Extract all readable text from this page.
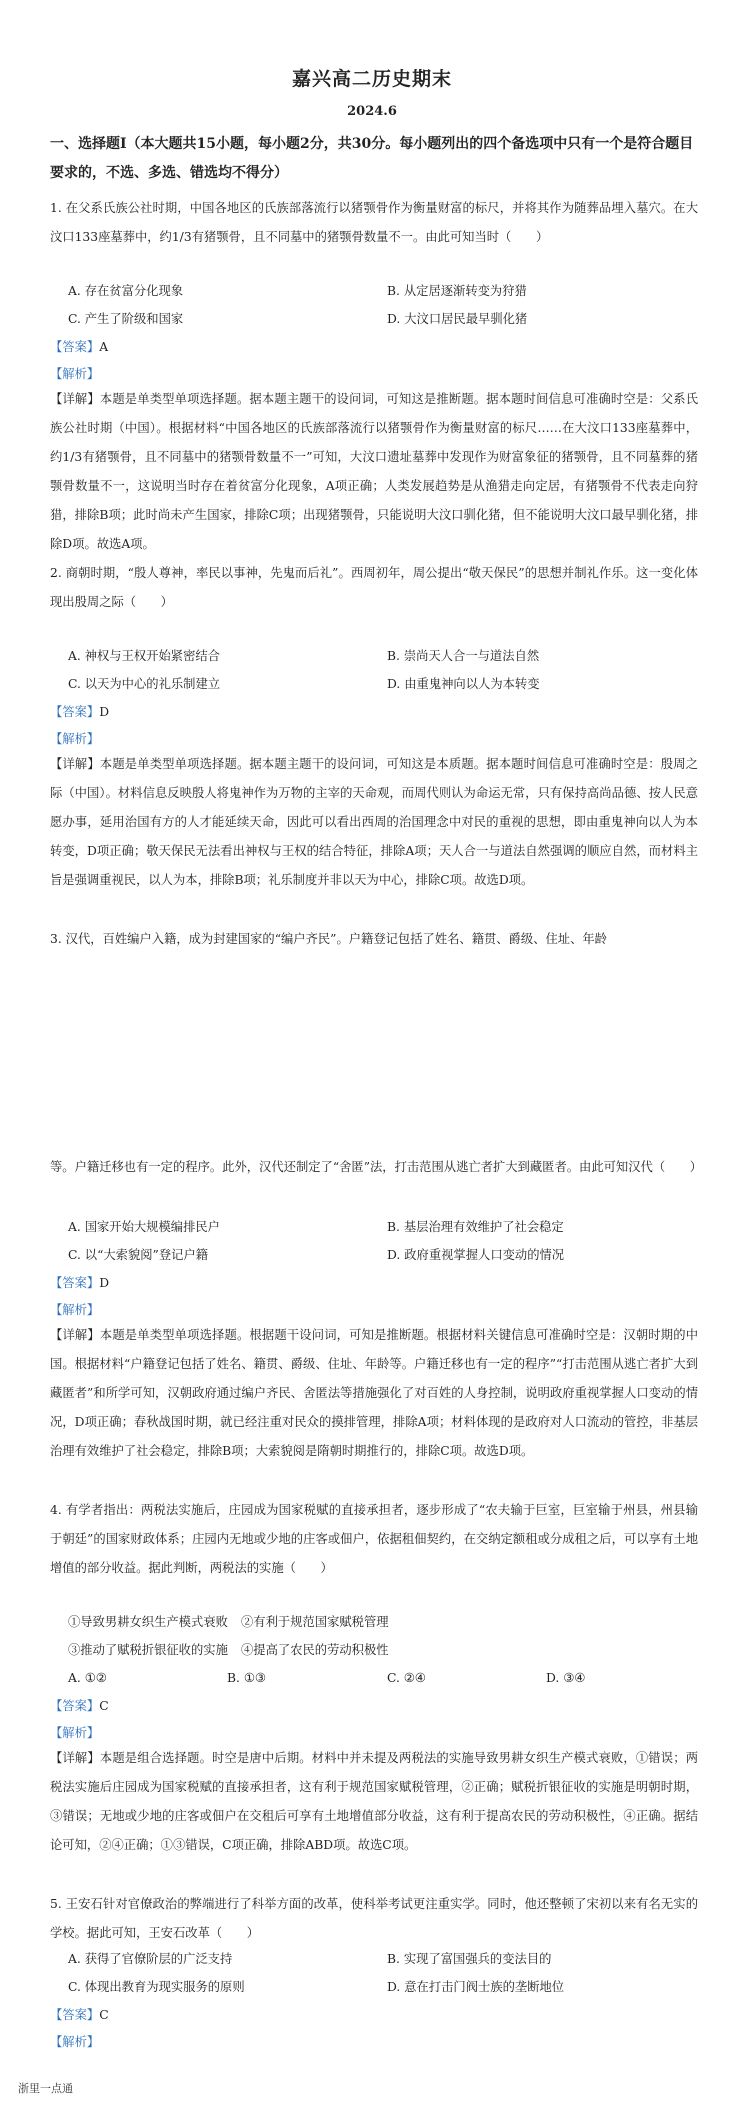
嘉兴高二历史期末
2024.6
一、选择题Ⅰ（本大题共15小题，每小题2分，共30分。每小题列出的四个备选项中只有一个是符合题目要求的，不选、多选、错选均不得分）
1. 在父系氏族公社时期，中国各地区的氏族部落流行以猪颚骨作为衡量财富的标尺，并将其作为随葬品埋入墓穴。在大汶口133座墓葬中，约1/3有猪颚骨，且不同墓中的猪颚骨数量不一。由此可知当时（　　）
A. 存在贫富分化现象	B. 从定居逐渐转变为狩猎
C. 产生了阶级和国家	D. 大汶口居民最早驯化猪
【答案】A
【解析】
【详解】本题是单类型单项选择题。据本题主题干的设问词，可知这是推断题。据本题时间信息可准确时空是：父系氏族公社时期（中国）。根据材料“中国各地区的氏族部落流行以猪颚骨作为衡量财富的标尺……在大汶口133座墓葬中，约1/3有猪颚骨，且不同墓中的猪颚骨数量不一”可知，大汶口遗址墓葬中发现作为财富象征的猪颚骨，且不同墓葬的猪颚骨数量不一，这说明当时存在着贫富分化现象，A项正确；人类发展趋势是从渔猎走向定居，有猪颚骨不代表走向狩猎，排除B项；此时尚未产生国家，排除C项；出现猪颚骨，只能说明大汶口驯化猪，但不能说明大汶口最早驯化猪，排除D项。故选A项。
2. 商朝时期，“殷人尊神，率民以事神，先鬼而后礼”。西周初年，周公提出“敬天保民”的思想并制礼作乐。这一变化体现出殷周之际（　　）
A. 神权与王权开始紧密结合	B. 崇尚天人合一与道法自然
C. 以天为中心的礼乐制建立	D. 由重鬼神向以人为本转变
【答案】D
【解析】
【详解】本题是单类型单项选择题。据本题主题干的设问词，可知这是本质题。据本题时间信息可准确时空是：殷周之际（中国）。材料信息反映殷人将鬼神作为万物的主宰的天命观，而周代则认为命运无常，只有保持高尚品德、按人民意愿办事，延用治国有方的人才能延续天命，因此可以看出西周的治国理念中对民的重视的思想，即由重鬼神向以人为本转变，D项正确；敬天保民无法看出神权与王权的结合特征，排除A项；天人合一与道法自然强调的顺应自然，而材料主旨是强调重视民，以人为本，排除B项；礼乐制度并非以天为中心，排除C项。故选D项。
3. 汉代，百姓编户入籍，成为封建国家的“编户齐民”。户籍登记包括了姓名、籍贯、爵级、住址、年龄
等。户籍迁移也有一定的程序。此外，汉代还制定了“舍匿”法，打击范围从逃亡者扩大到藏匿者。由此可知汉代（　　）
A. 国家开始大规模编排民户	B. 基层治理有效维护了社会稳定
C. 以“大索貌阅”登记户籍	D. 政府重视掌握人口变动的情况
【答案】D
【解析】
【详解】本题是单类型单项选择题。根据题干设问词，可知是推断题。根据材料关键信息可准确时空是：汉朝时期的中国。根据材料“户籍登记包括了姓名、籍贯、爵级、住址、年龄等。户籍迁移也有一定的程序”“打击范围从逃亡者扩大到藏匿者”和所学可知，汉朝政府通过编户齐民、舍匿法等措施强化了对百姓的人身控制，说明政府重视掌握人口变动的情况，D项正确；春秋战国时期，就已经注重对民众的摸排管理，排除A项；材料体现的是政府对人口流动的管控，非基层治理有效维护了社会稳定，排除B项；大索貌阅是隋朝时期推行的，排除C项。故选D项。
4. 有学者指出：两税法实施后，庄园成为国家税赋的直接承担者，逐步形成了“农夫输于巨室，巨室输于州县，州县输于朝廷”的国家财政体系；庄园内无地或少地的庄客或佃户，依据租佃契约，在交纳定额租或分成租之后，可以享有土地增值的部分收益。据此判断，两税法的实施（　　）
①导致男耕女织生产模式衰败 ②有利于规范国家赋税管理
③推动了赋税折银征收的实施 ④提高了农民的劳动积极性
A. ①②	B. ①③	C. ②④	D. ③④
【答案】C
【解析】
【详解】本题是组合选择题。时空是唐中后期。材料中并未提及两税法的实施导致男耕女织生产模式衰败，①错误；两税法实施后庄园成为国家税赋的直接承担者，这有利于规范国家赋税管理，②正确；赋税折银征收的实施是明朝时期，③错误；无地或少地的庄客或佃户在交租后可享有土地增值部分收益，这有利于提高农民的劳动积极性，④正确。据结论可知，②④正确；①③错误，C项正确，排除ABD项。故选C项。
5. 王安石针对官僚政治的弊端进行了科举方面的改革，使科举考试更注重实学。同时，他还整顿了宋初以来有名无实的学校。据此可知，王安石改革（　　）
A. 获得了官僚阶层的广泛支持	B. 实现了富国强兵的变法目的
C. 体现出教育为现实服务的原则	D. 意在打击门阀士族的垄断地位
【答案】C
【解析】
浙里一点通
